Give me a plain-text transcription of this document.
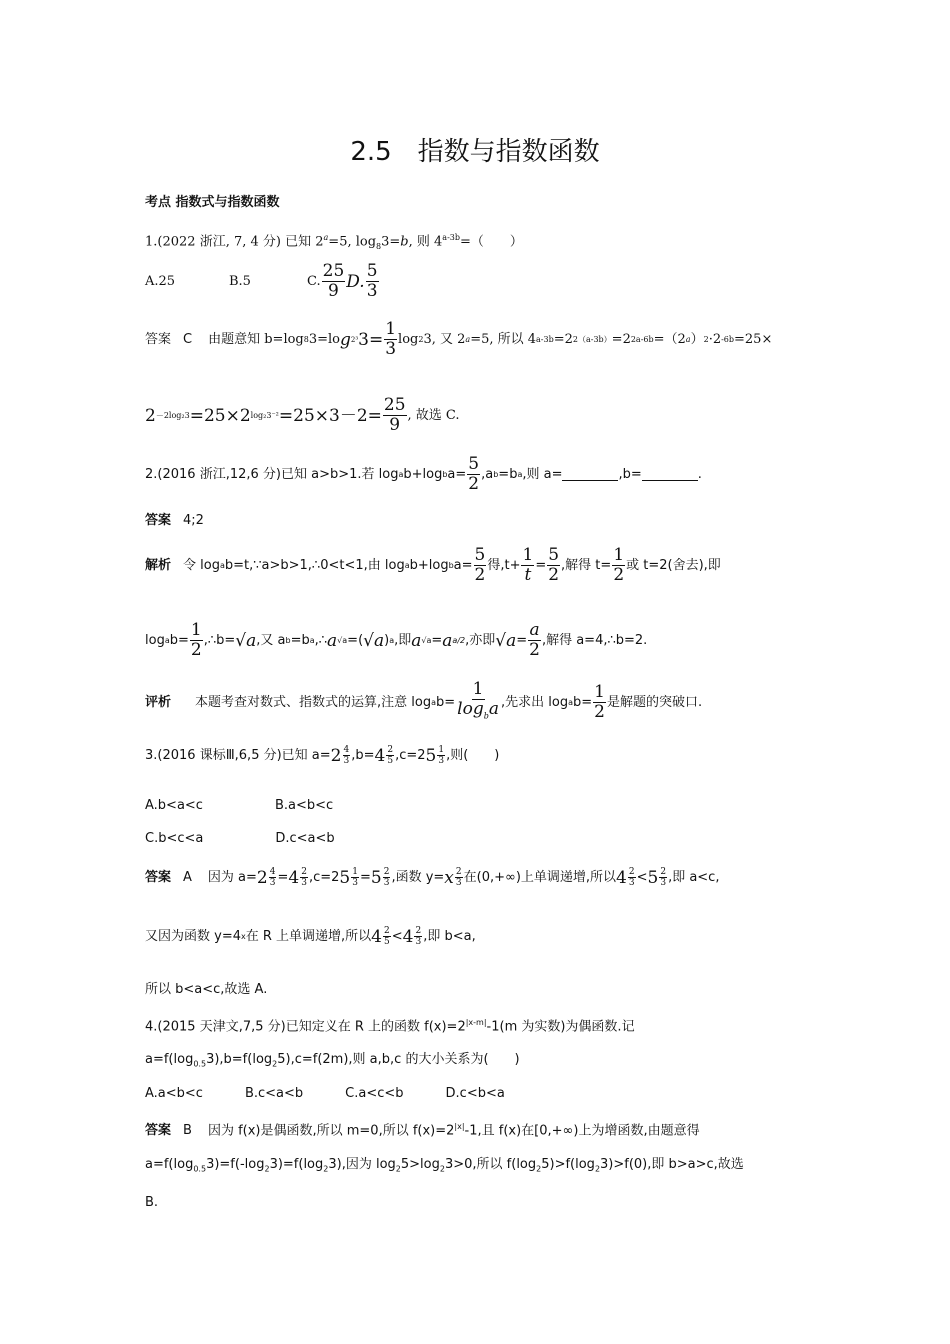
2.5 指数与指数函数
考点 指数式与指数函数
1.(2022 浙江, 7, 4 分) 已知 $2^a=5$, $\log_83=b$, 则 $4^{a-3b}=$（　　）
A.25	B.5	C. $\frac{25}{9} D$. $\frac{5}{3}$
答案 C 由题意知 b=log 8 3=lo g 2³ $3= \frac{1}{3}$ log 2 3, 又 2 a =5, 所以 4 a-3b =2 2（a-3b） =2 2a-6b =（2 a ） 2 ·2 -6b =25×
2 －2log₂3 =25×2 $\log_23^{-2} =25\times 3-2= \frac{25}{9}$ , 故选 C.
2.(2016 浙江,12,6 分)已知 a>b>1.若 log a b+log b $a= \frac{5}{2} ,a$ b =b a ,则 a=	,b=	.
答案 4;2
解析 令 log a b=t,∵a>b>1,∴0<t<1,由 log a b+log b $a= \frac{5}{2}$ 得$,t+ \frac{1}{t} = \frac{5}{2}$ ,解得 $t= \frac{1}{2}$ 或 t=2(舍去),即
log a $b= \frac{1}{2}$ ,∴b= √a ,又 a b =b a ,∴ a √a =( √a ) a ,即 a √a = a a/2 ,亦即 $√a = \frac{a}{2}$ ,解得 a=4,∴b=2.
评析 本题考查对数式、指数式的运算,注意 log a $b= \frac{1}{\log_ba}$ ,先求出 log a $b= \frac{1}{2}$ 是解题的突破口.
3.(2016 课标Ⅲ,6,5 分)已知 $a= 2 \frac{4}{3} ,b= 4 \frac{2}{5} ,c=2$ $5 \frac{1}{3}$ ,则(　　)
A.b<a<c	B.a<b<c
C.b<c<a	D.c<a<b
答案 A 因为 $a= 2 \frac{4}{3} = 4 \frac{2}{3} ,c=2$ $5 \frac{1}{3} = 5 \frac{2}{3}$ ,函数 y= x $\frac{2}{3}$ 在(0,+∞)上单调递增,所以 $4 \frac{2}{3} < 5 \frac{2}{3}$ ,即 a<c,
又因为函数 y=4 x 在 R 上单调递增,所以 $4 \frac{2}{5} < 4 \frac{2}{3}$ ,即 b<a,
所以 b<a<c,故选 A.
4.(2015 天津文,7,5 分)已知定义在 R 上的函数 $f(x)=2^{|x-m|}-1(m$ 为实数)为偶函数.记
$a=f(\log_{0.5}3),b=f(\log_25),c=f(2m)$,则 a,b,c 的大小关系为(　　)
A.a<b<c	B.c<a<b	C.a<c<b	D.c<b<a
答案 B 因为 f(x)是偶函数,所以 m=0,所以 $f(x)=2^{|x|}-1$,且 f(x)在[0,+∞)上为增函数,由题意得
$a=f(\log_{0.5}3)=f(-\log_23)=f(\log_23)$,因为 $\log_25>\log_23>0$,所以 $f(\log_25)>f(\log_23)>f(0)$,即 b>a>c,故选
B.
